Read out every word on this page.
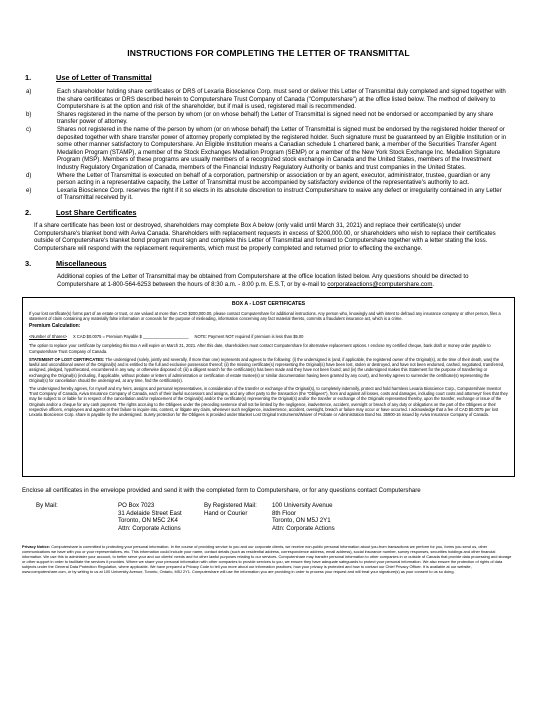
INSTRUCTIONS FOR COMPLETING THE LETTER OF TRANSMITTAL
1.	Use of Letter of Transmittal
a)	Each shareholder holding share certificates or DRS of Lexaria Bioscience Corp. must send or deliver this Letter of Transmittal duly completed and signed together with the share certificates or DRS described herein to Computershare Trust Company of Canada ("Computershare") at the office listed below. The method of delivery to Computershare is at the option and risk of the shareholder, but if mail is used, registered mail is recommended.
b)	Shares registered in the name of the person by whom (or on whose behalf) the Letter of Transmittal is signed need not be endorsed or accompanied by any share transfer power of attorney.
c)	Shares not registered in the name of the person by whom (or on whose behalf) the Letter of Transmittal is signed must be endorsed by the registered holder thereof or deposited together with share transfer power of attorney properly completed by the registered holder. Such signature must be guaranteed by an Eligible Institution or in some other manner satisfactory to Computershare. An Eligible Institution means a Canadian schedule 1 chartered bank, a member of the Securities Transfer Agent Medallion Program (STAMP), a member of the Stock Exchanges Medallion Program (SEMP) or a member of the New York Stock Exchange Inc. Medallion Signature Program (MSP). Members of these programs are usually members of a recognized stock exchange in Canada and the United States, members of the Investment Industry Regulatory Organization of Canada, members of the Financial Industry Regulatory Authority or banks and trust companies in the United States.
d)	Where the Letter of Transmittal is executed on behalf of a corporation, partnership or association or by an agent, executor, administrator, trustee, guardian or any person acting in a representative capacity, the Letter of Transmittal must be accompanied by satisfactory evidence of the representative's authority to act.
e)	Lexaria Bioscience Corp. reserves the right if it so elects in its absolute discretion to instruct Computershare to waive any defect or irregularity contained in any Letter of Transmittal received by it.
2.	Lost Share Certificates

If a share certificate has been lost or destroyed, shareholders may complete Box A below (only valid until March 31, 2021) and replace their certificate(s) under Computershare's blanket bond with Aviva Canada. Shareholders with replacement requests in excess of $200,000.00, or shareholders who wish to replace their certificates outside of Computershare's blanket bond program must sign and complete this Letter of Transmittal and forward to Computershare together with a letter stating the loss. Computershare will respond with the replacement requirements, which must be properly completed and returned prior to effecting the exchange.

3.	Miscellaneous

Additional copies of the Letter of Transmittal may be obtained from Computershare at the office location listed below. Any questions should be directed to Computershare at 1-800-564-6253 between the hours of 8:30 a.m. - 8:00 p.m. E.S.T, or by e-mail to corporateactions@computershare.com.

BOX A - LOST CERTIFICATES

If your lost certificate(s) forms part of an estate or trust, or are valued at more than CAD $200,000.00, please contact Computershare for additional instructions. Any person who, knowingly and with intent to defraud any insurance company or other person, files a statement of claim containing any materially false information or conceals for the purpose of misleading, information concerning any fact material thereto, commits a fraudulent insurance act, which is a crime.

Premium Calculation:

<Number of Shares> X CAD $0.0075 = Premium Payable $ ____________________ NOTE: Payment NOT required if premium is less than $5.00

The option to replace your certificate by completing this Box A will expire on March 31, 2021. After this date, shareholders must contact Computershare for alternative replacement options. I enclose my certified cheque, bank draft or money order payable to Computershare Trust Company of Canada.

STATEMENT OF LOST CERTIFICATES: The undersigned (solely, jointly and severally, if more than one) represents and agrees to the following: (i) the undersigned is (and, if applicable, the registered owner of the Original(s), at the time of their death, was) the lawful and unconditional owner of the Original(s) and is entitled to the full and exclusive possession thereof; (ii) the missing certificate(s) representing the Original(s) have been lost, stolen or destroyed, and have not been endorsed, cashed, negotiated, transferred, assigned, pledged, hypothecated, encumbered in any way, or otherwise disposed of; (iii) a diligent search for the certificate(s) has been made and they have not been found; and (iv) the undersigned makes this Statement for the purpose of transferring or exchanging the Original(s) (including, if applicable, without probate or letters of administration or certification of estate trustee(s) or similar documentation having been granted by any court), and hereby agrees to surrender the certificate(s) representing the Original(s) for cancellation should the undersigned, at any time, find the certificate(s).

The undersigned hereby agrees, for myself and my heirs, assigns and personal representatives, in consideration of the transfer or exchange of the Original(s), to completely indemnify, protect and hold harmless Lexaria Bioscience Corp., Computershare Investor Trust Company of Canada, Aviva Insurance Company of Canada, each of their lawful successors and assigns, and any other party to the transaction (the "Obligees"), from and against all losses, costs and damages, including court costs and attorneys' fees that they may be subject to or liable for in respect of the cancellation and/or replacement of the Original(s) and/or the certificate(s) representing the Original(s) and/or the transfer or exchange of the Originals represented thereby, upon the transfer, exchange or issue of the Originals and/or a cheque for any cash payment. The rights accruing to the Obligees under the preceding sentence shall not be limited by the negligence, inadvertence, accident, oversight or breach of any duty or obligations on the part of the Obligees or their respective officers, employees and agents or their failure to inquire into, contest, or litigate any claim, whenever such negligence, inadvertence, accident, oversight, breach or failure may occur or have occurred. I acknowledge that a fee of CAD $0.0075 per lost Lexaria Bioscience Corp. share is payable by the undersigned. Surety protection for the Obligees is provided under Blanket Lost Original Instruments/Waiver of Probate or Administration Bond No. 35900-16 issued by Aviva Insurance Company of Canada.

Enclose all certificates in the envelope provided and send it with the completed form to Computershare, or for any questions contact Computershare

By Mail:	PO Box 7023
31 Adelaide Street East
Toronto, ON M5C 2K4
Attn: Corporate Actions
By Registered Mail:
Hand or Courier
100 University Avenue
8th Floor
Toronto, ON M5J 2Y1
Attn: Corporate Actions

Privacy Notice: Computershare is committed to protecting your personal information. In the course of providing service to you and our corporate clients, we receive non-public personal information about you-from transactions we perform for you, forms you send us, other communications we have with you or your representatives, etc. This information could include your name, contact details (such as residential address, correspondence address, email address), social insurance number, survey responses, securities holdings and other financial information. We use this to administer your account, to better serve your and our clients' needs and for other lawful purposes relating to our services. Computershare may transfer personal information to other companies in or outside of Canada that provide data processing and storage or other support in order to facilitate the services it provides. Where we share your personal information with other companies to provide services to you, we ensure they have adequate safeguards to protect your personal information. We also ensure the protection of rights of data subjects under the General Data Protection Regulation, where applicable. We have prepared a Privacy Code to tell you more about our information practices, how your privacy is protected and how to contact our Chief Privacy Officer. It is available at our website, www.computershare.com, or by writing to us at 100 University Avenue, Toronto, Ontario, M5J 2Y1. Computershare will use the information you are providing in order to process your request and will treat your signature(s) as your consent to us so doing.
